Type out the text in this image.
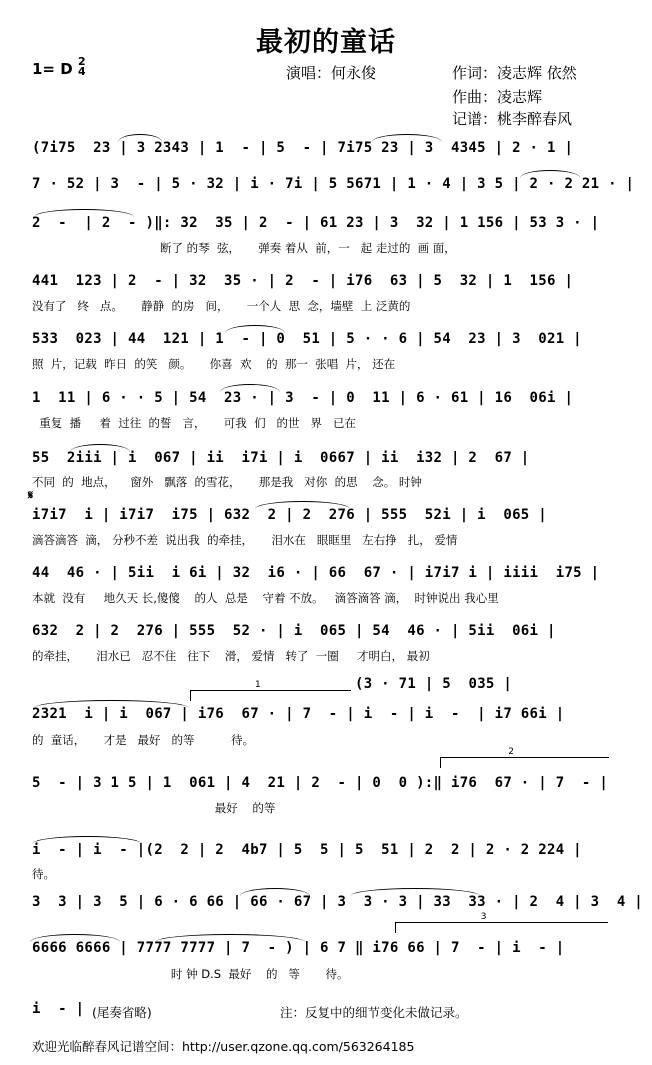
最初的童话
1= D 2
4	演唱：何永俊	作词：凌志辉 依然
作曲：凌志辉
记谱：桃李醉春风
(7i75  23 | 3 2343 | 1  - | 5  - | 7i75 23 | 3  4345 | 2 · 1 |
7 · 52 | 3  - | 5 · 32 | i · 7i | 5 5671 | 1 · 4 | 3 5 | 2 · 2 21 · |
2  -  | 2  - )‖: 32  35 | 2  - | 61 23 | 3  32 | 1 156 | 53 3 · |
断了 的琴  弦，     弹奏 着从  前，一   起 走过的  画 面，
441  123 | 2  - | 32  35 · | 2  - | i76  63 | 5  32 | 1  156 |
没有了   终   点。     静静  的房   间，     一个人  思  念，墙壁  上 泛黄的
533  023 | 44  121 | 1  - | 0  51 | 5 · · 6 | 54  23 | 3  021 |
照  片，记载  昨日  的笑   颜。     你喜  欢    的  那一  张唱  片， 还在
1  11 | 6 · · 5 | 54  23 · | 3  - | 0  11 | 6 · 61 | 16  06i |
重复  播     着  过往  的誓   言，     可我  们   的世   界   已在
𝄋
55  2iii | i  067 | ii  i7i | i  0667 | ii  i32 | 2  67 |
不同  的  地点，    窗外   飘落  的雪花，     那是我   对你  的思    念。 时钟
i7i7  i | i7i7  i75 | 632  2 | 2  276 | 555  52i | i  065 |
滴答滴答  滴， 分秒不差  说出我  的牵挂，     泪水在   眼眶里   左右挣   扎， 爱情
44  46 · | 5ii  i 6i | 32  i6 · | 66  67 · | i7i7 i | iiii  i75 |
本就  没有     地久天 长,傻傻    的人  总是    守着 不放。   滴答滴答 滴，  时钟说出 我心里
632  2 | 2  276 | 555  52 · | i  065 | 54  46 · | 5ii  06i |
的牵挂，     泪水已   忍不住   往下    滑， 爱情   转了  一圈     才明白， 最初
(3 · 71 | 5  035 |
1
2321  i | i  067 | i76  67 · | 7  - | i  - | i  -  | i7 66i |
的  童话，     才是   最好   的等          待。
2
5  - | 3 1 5 | 1  061 | 4  21 | 2  - | 0  0 ):‖ i76  67 · | 7  - |
最好    的等
i  - | i  - |(2  2 | 2  4b7 | 5  5 | 5  51 | 2  2 | 2 · 2 224 |
待。
3  3 | 3  5 | 6 · 6 66 | 66 · 67 | 3  3 · 3 | 33  33 · | 2  4 | 3  4 |
3
6666 6666 | 7777 7777 | 7  - ) | 6 7 ‖ i76 66 | 7  - | i  - |
时 钟 D.S  最好    的   等       待。
i  - | (尾奏省略)	注：反复中的细节变化未做记录。
欢迎光临醉春风记谱空间：http://user.qzone.qq.com/563264185
